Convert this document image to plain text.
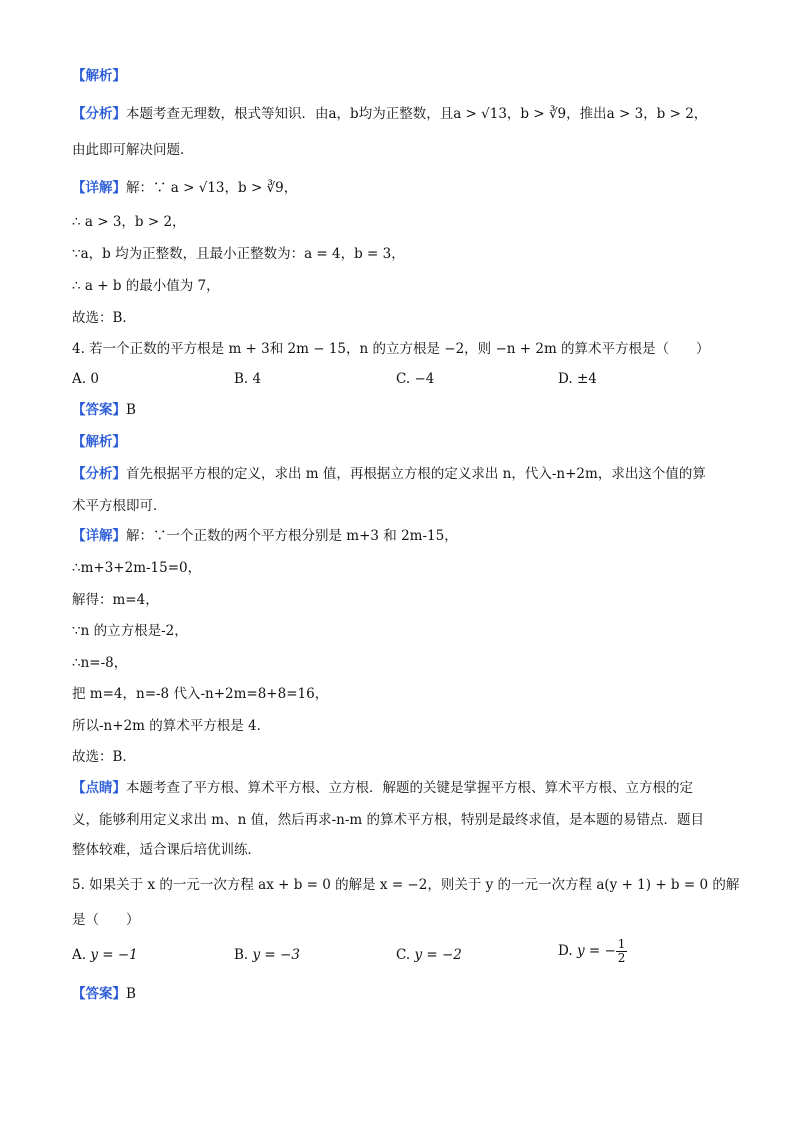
【解析】
【分析】本题考查无理数，根式等知识．由a，b均为正整数，且a > √13，b > ∛9，推出a > 3，b > 2，
由此即可解决问题．
【详解】解：∵ a > √13，b > ∛9，
∴ a > 3，b > 2，
∵a，b 均为正整数，且最小正整数为：a = 4，b = 3，
∴ a + b 的最小值为 7，
故选：B．
4. 若一个正数的平方根是 m + 3和 2m − 15，n 的立方根是 −2，则 −n + 2m 的算术平方根是（　　）
A. 0	B. 4	C. −4	D. ±4
【答案】B
【解析】
【分析】首先根据平方根的定义，求出 m 值，再根据立方根的定义求出 n，代入-n+2m，求出这个值的算
术平方根即可．
【详解】解：∵一个正数的两个平方根分别是 m+3 和 2m-15，
∴m+3+2m-15=0，
解得：m=4，
∵n 的立方根是-2，
∴n=-8，
把 m=4，n=-8 代入-n+2m=8+8=16，
所以-n+2m 的算术平方根是 4．
故选：B．
【点睛】本题考查了平方根、算术平方根、立方根．解题的关键是掌握平方根、算术平方根、立方根的定
义，能够利用定义求出 m、n 值，然后再求-n-m 的算术平方根，特别是最终求值，是本题的易错点．题目
整体较难，适合课后培优训练．
5. 如果关于 x 的一元一次方程 ax + b = 0 的解是 x = −2，则关于 y 的一元一次方程 a(y + 1) + b = 0 的解
是（　　）
A. y = −1	B. y = −3	C. y = −2	D. y = − $\frac{1}{2}$
【答案】B
